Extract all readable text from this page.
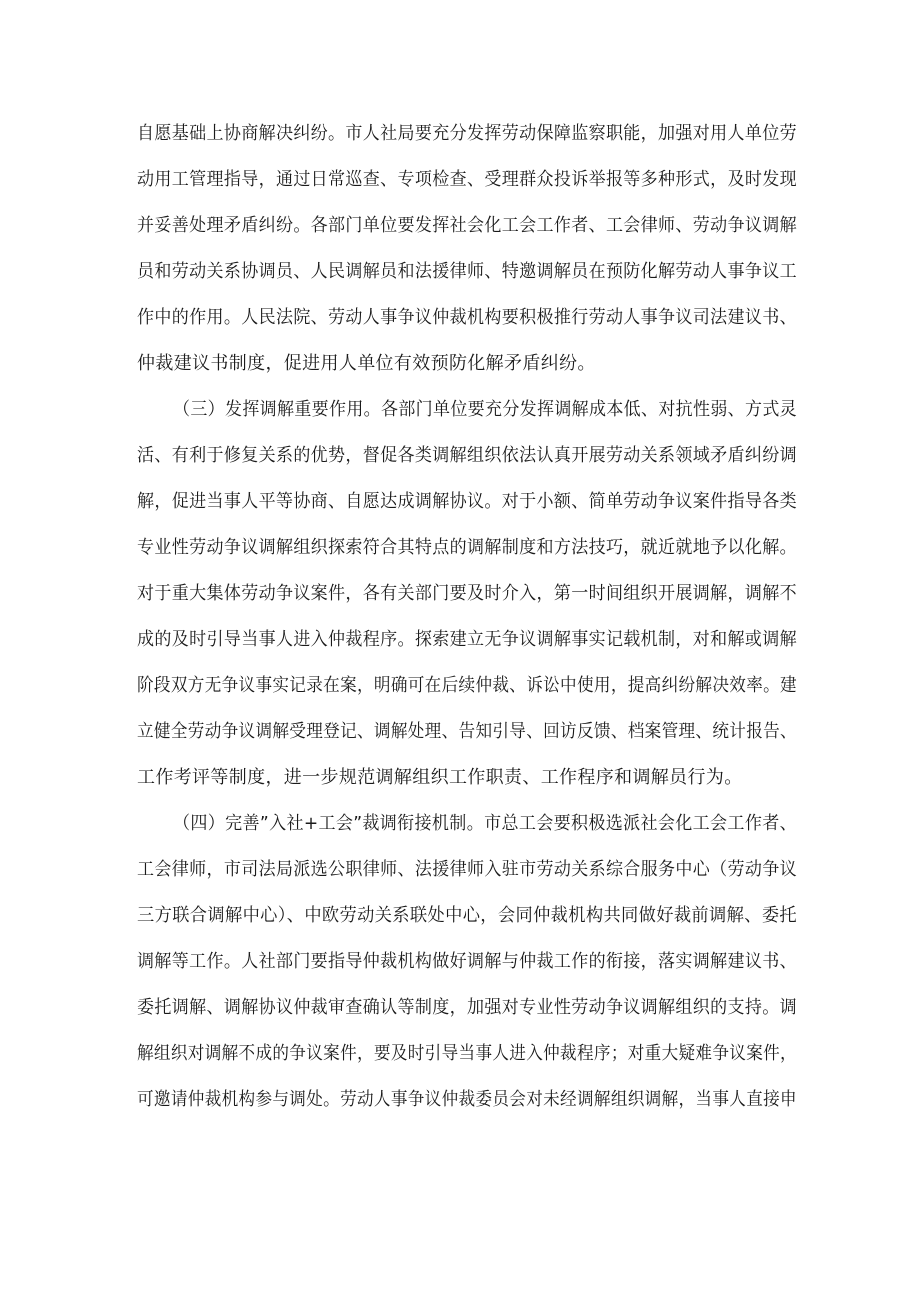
自愿基础上协商解决纠纷。市人社局要充分发挥劳动保障监察职能，加强对用人单位劳
动用工管理指导，通过日常巡查、专项检查、受理群众投诉举报等多种形式，及时发现
并妥善处理矛盾纠纷。各部门单位要发挥社会化工会工作者、工会律师、劳动争议调解
员和劳动关系协调员、人民调解员和法援律师、特邀调解员在预防化解劳动人事争议工
作中的作用。人民法院、劳动人事争议仲裁机构要积极推行劳动人事争议司法建议书、
仲裁建议书制度，促进用人单位有效预防化解矛盾纠纷。
（三）发挥调解重要作用。各部门单位要充分发挥调解成本低、对抗性弱、方式灵
活、有利于修复关系的优势，督促各类调解组织依法认真开展劳动关系领域矛盾纠纷调
解，促进当事人平等协商、自愿达成调解协议。对于小额、简单劳动争议案件指导各类
专业性劳动争议调解组织探索符合其特点的调解制度和方法技巧，就近就地予以化解。
对于重大集体劳动争议案件，各有关部门要及时介入，第一时间组织开展调解，调解不
成的及时引导当事人进入仲裁程序。探索建立无争议调解事实记载机制，对和解或调解
阶段双方无争议事实记录在案，明确可在后续仲裁、诉讼中使用，提高纠纷解决效率。建
立健全劳动争议调解受理登记、调解处理、告知引导、回访反馈、档案管理、统计报告、
工作考评等制度，进一步规范调解组织工作职责、工作程序和调解员行为。
（四）完善”入社+工会”裁调衔接机制。市总工会要积极选派社会化工会工作者、
工会律师，市司法局派选公职律师、法援律师入驻市劳动关系综合服务中心（劳动争议
三方联合调解中心）、中欧劳动关系联处中心，会同仲裁机构共同做好裁前调解、委托
调解等工作。人社部门要指导仲裁机构做好调解与仲裁工作的衔接，落实调解建议书、
委托调解、调解协议仲裁审查确认等制度，加强对专业性劳动争议调解组织的支持。调
解组织对调解不成的争议案件，要及时引导当事人进入仲裁程序；对重大疑难争议案件，
可邀请仲裁机构参与调处。劳动人事争议仲裁委员会对未经调解组织调解，当事人直接申
